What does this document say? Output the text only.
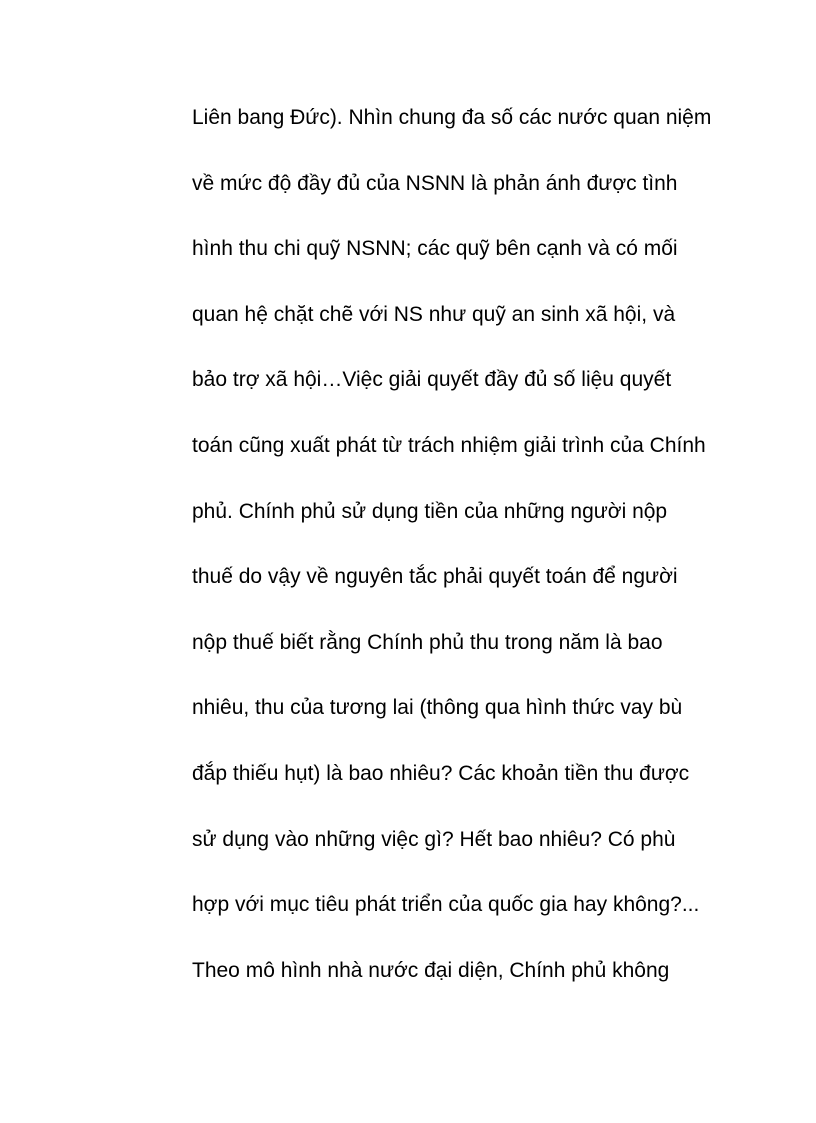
Liên bang Đức). Nhìn chung đa số các nước quan niệm
về mức độ đầy đủ của NSNN là phản ánh được tình
hình thu chi quỹ NSNN; các quỹ bên cạnh và có mối
quan hệ chặt chẽ với NS như quỹ an sinh xã hội, và
bảo trợ xã hội…Việc giải quyết đầy đủ số liệu quyết
toán cũng xuất phát từ trách nhiệm giải trình của Chính
phủ. Chính phủ sử dụng tiền của những người nộp
thuế do vậy về nguyên tắc phải quyết toán để người
nộp thuế biết rằng Chính phủ thu trong năm là bao
nhiêu, thu của tương lai (thông qua hình thức vay bù
đắp thiếu hụt) là bao nhiêu? Các khoản tiền thu được
sử dụng vào những việc gì? Hết bao nhiêu? Có phù
hợp với mục tiêu phát triển của quốc gia hay không?...
Theo mô hình nhà nước đại diện, Chính phủ không
